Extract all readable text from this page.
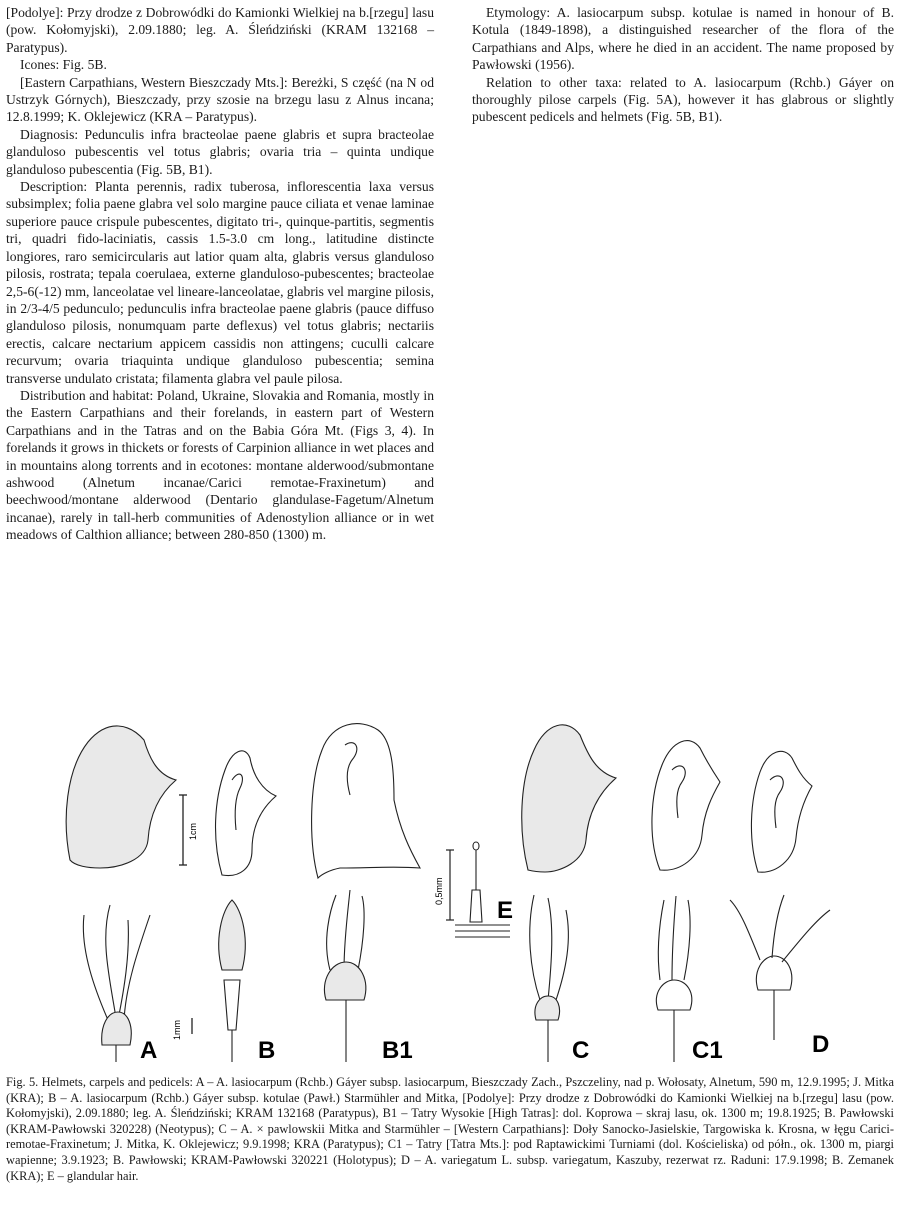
[Podolye]: Przy drodze z Dobrowódki do Kamionki Wielkiej na b.[rzegu] lasu (pow. Kołomyjski), 2.09.1880; leg. A. Śleńdziński (KRAM 132168 – Paratypus).

Icones: Fig. 5B.

[Eastern Carpathians, Western Bieszczady Mts.]: Bereżki, S część (na N od Ustrzyk Górnych), Bieszczady, przy szosie na brzegu lasu z Alnus incana; 12.8.1999; K. Oklejewicz (KRA – Paratypus).

Diagnosis: Pedunculis infra bracteolae paene glabris et supra bracteolae glanduloso pubescentis vel totus glabris; ovaria tria – quinta undique glanduloso pubescentia (Fig. 5B, B1).

Description: Planta perennis, radix tuberosa, inflorescentia laxa versus subsimplex; folia paene glabra vel solo margine pauce ciliata et venae laminae superiore pauce crispule pubescentes, digitato tri-, quinque-partitis, segmentis tri, quadri fido-laciniatis, cassis 1.5-3.0 cm long., latitudine distincte longiores, raro semicircularis aut latior quam alta, glabris versus glanduloso pilosis, rostrata; tepala coerulaea, externe glanduloso-pubescentes; bracteolae 2,5-6(-12) mm, lanceolatae vel lineare-lanceolatae, glabris vel margine pilosis, in 2/3-4/5 pedunculo; pedunculis infra bracteolae paene glabris (pauce diffuso glanduloso pilosis, nonumquam parte deflexus) vel totus glabris; nectariis erectis, calcare nectarium appicem cassidis non attingens; cuculli calcare recurvum; ovaria triaquinta undique glanduloso pubescentia; semina transverse undulato cristata; filamenta glabra vel paule pilosa.

Distribution and habitat: Poland, Ukraine, Slovakia and Romania, mostly in the Eastern Carpathians and their forelands, in eastern part of Western Carpathians and in the Tatras and on the Babia Góra Mt. (Figs 3, 4). In forelands it grows in thickets or forests of Carpinion alliance in wet places and in mountains along torrents and in ecotones: montane alderwood/submontane ashwood (Alnetum incanae/Carici remotae-Fraxinetum) and beechwood/montane alderwood (Dentario glandulase-Fagetum/Alnetum incanae), rarely in tall-herb communities of Adenostylion alliance or in wet meadows of Calthion alliance; between 280-850 (1300) m.

Etymology: A. lasiocarpum subsp. kotulae is named in honour of B. Kotula (1849-1898), a distinguished researcher of the flora of the Carpathians and Alps, where he died in an accident. The name proposed by Pawłowski (1956).

Relation to other taxa: related to A. lasiocarpum (Rchb.) Gáyer on thoroughly pilose carpels (Fig. 5A), however it has glabrous or slightly pubescent pedicels and helmets (Fig. 5B, B1).

1cm
0,5mm
E
1mm
A	B	B1	C	C1	D

Fig. 5. Helmets, carpels and pedicels: A – A. lasiocarpum (Rchb.) Gáyer subsp. lasiocarpum, Bieszczady Zach., Pszczeliny, nad p. Wołosaty, Alnetum, 590 m, 12.9.1995; J. Mitka (KRA); B – A. lasiocarpum (Rchb.) Gáyer subsp. kotulae (Pawł.) Starmühler and Mitka, [Podolye]: Przy drodze z Dobrowódki do Kamionki Wielkiej na b.[rzegu] lasu (pow. Kołomyjski), 2.09.1880; leg. A. Śleńdziński; KRAM 132168 (Paratypus), B1 – Tatry Wysokie [High Tatras]: dol. Koprowa – skraj lasu, ok. 1300 m; 19.8.1925; B. Pawłowski (KRAM-Pawłowski 320228) (Neotypus); C – A. × pawlowskii Mitka and Starmühler – [Western Carpathians]: Doły Sanocko-Jasielskie, Targowiska k. Krosna, w łęgu Carici-remotae-Fraxinetum; J. Mitka, K. Oklejewicz; 9.9.1998; KRA (Paratypus); C1 – Tatry [Tatra Mts.]: pod Raptawickimi Turniami (dol. Kościeliska) od półn., ok. 1300 m, piargi wapienne; 3.9.1923; B. Pawłowski; KRAM-Pawłowski 320221 (Holotypus); D – A. variegatum L. subsp. variegatum, Kaszuby, rezerwat rz. Raduni: 17.9.1998; B. Zemanek (KRA); E – glandular hair.
